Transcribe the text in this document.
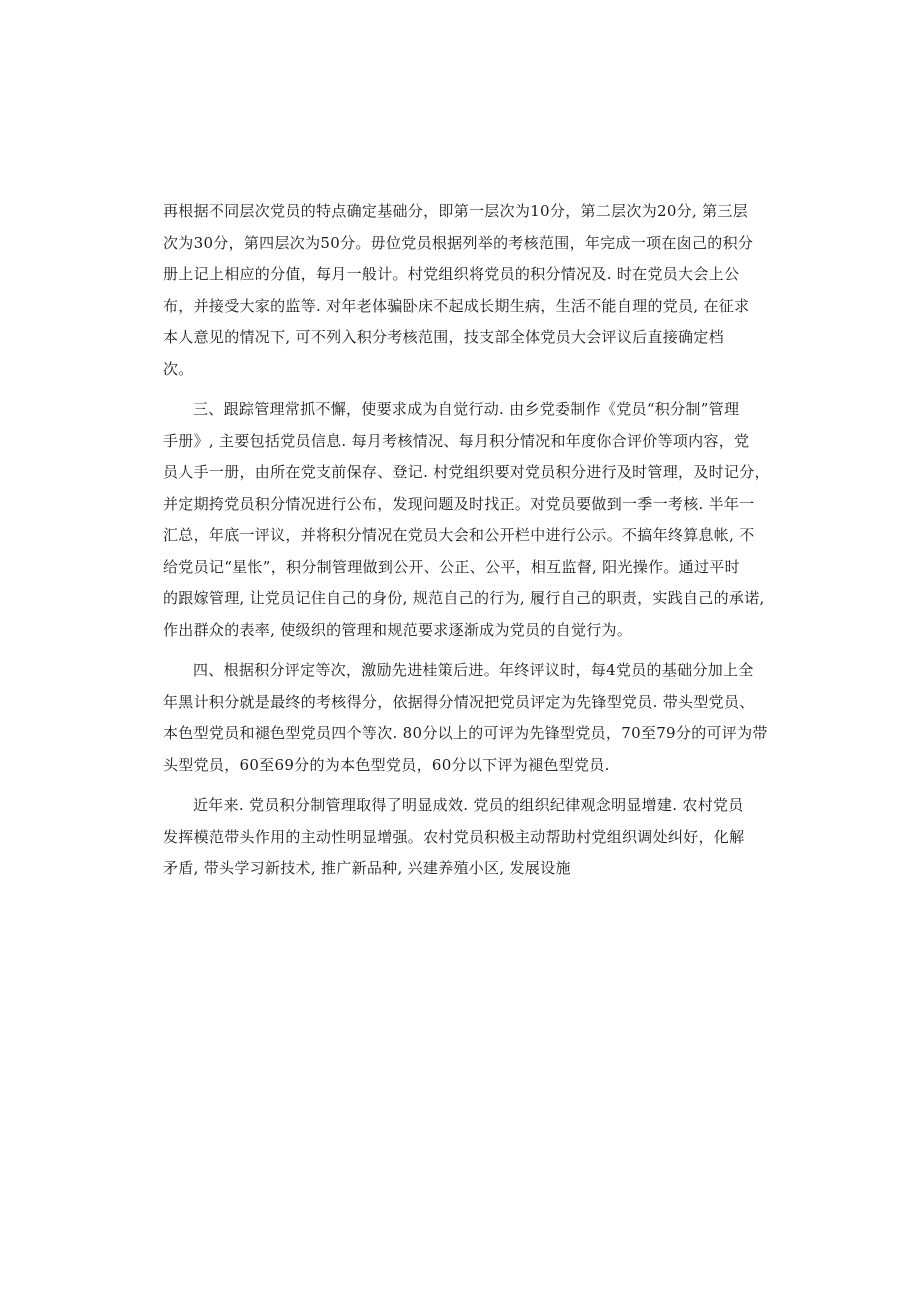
再根据不同层次党员的特点确定基础分，即第一层次为10分，第二层次为20分, 第三层
次为30分，第四层次为50分。毋位党员根据列举的考核范围，年完成一项在囱己的积分
册上记上相应的分值，每月一般计。村党组织将党员的积分情况及. 时在党员大会上公
布，并接受大家的监等. 对年老体骗卧床不起成长期生病，生活不能自理的党员, 在征求
本人意见的情况下, 可不列入积分考核范围，技支部全体党员大会评议后直接确定档
次。

三、跟踪管理常抓不懈，使要求成为自觉行动. 由乡党委制作《党员“积分制”管理
手册》, 主要包括党员信息. 每月考核情况、每月积分情况和年度你合评价等项内容，党
员人手一册，由所在党支前保存、登记. 村党组织要对党员积分进行及时管理，及时记分，
并定期挎党员积分情况进行公布，发现问题及时找正。对党员要做到一季一考核. 半年一
汇总，年底一评议，并将积分情况在党员大会和公开栏中进行公示。不搞年终算息帐, 不
给党员记“星怅”，积分制管理做到公开、公正、公平，相互监督, 阳光操作。通过平时
的跟嫁管理, 让党员记住自己的身份, 规范自己的行为, 履行自己的职责，实践自己的承诺,
作出群众的表率, 使级织的管理和规范要求逐渐成为党员的自觉行为。

四、根据积分评定等次，激励先进桂策后进。年终评议时，每4党员的基础分加上全
年黑计积分就是最终的考核得分，依据得分情况把党员评定为先锋型党员. 带头型党员、
本色型党员和褪色型党员四个等次. 80分以上的可评为先锋型党员，70至79分的可评为带
头型党员，60至69分的为本色型党员，60分以下评为褪色型党员.

近年来. 党员积分制管理取得了明显成效. 党员的组织纪律观念明显增建. 农村党员
发挥模范带头作用的主动性明显增强。农村党员积极主动帮助村党组织调处纠好，化解
矛盾, 带头学习新技术, 推广新品种, 兴建养殖小区, 发展设施
